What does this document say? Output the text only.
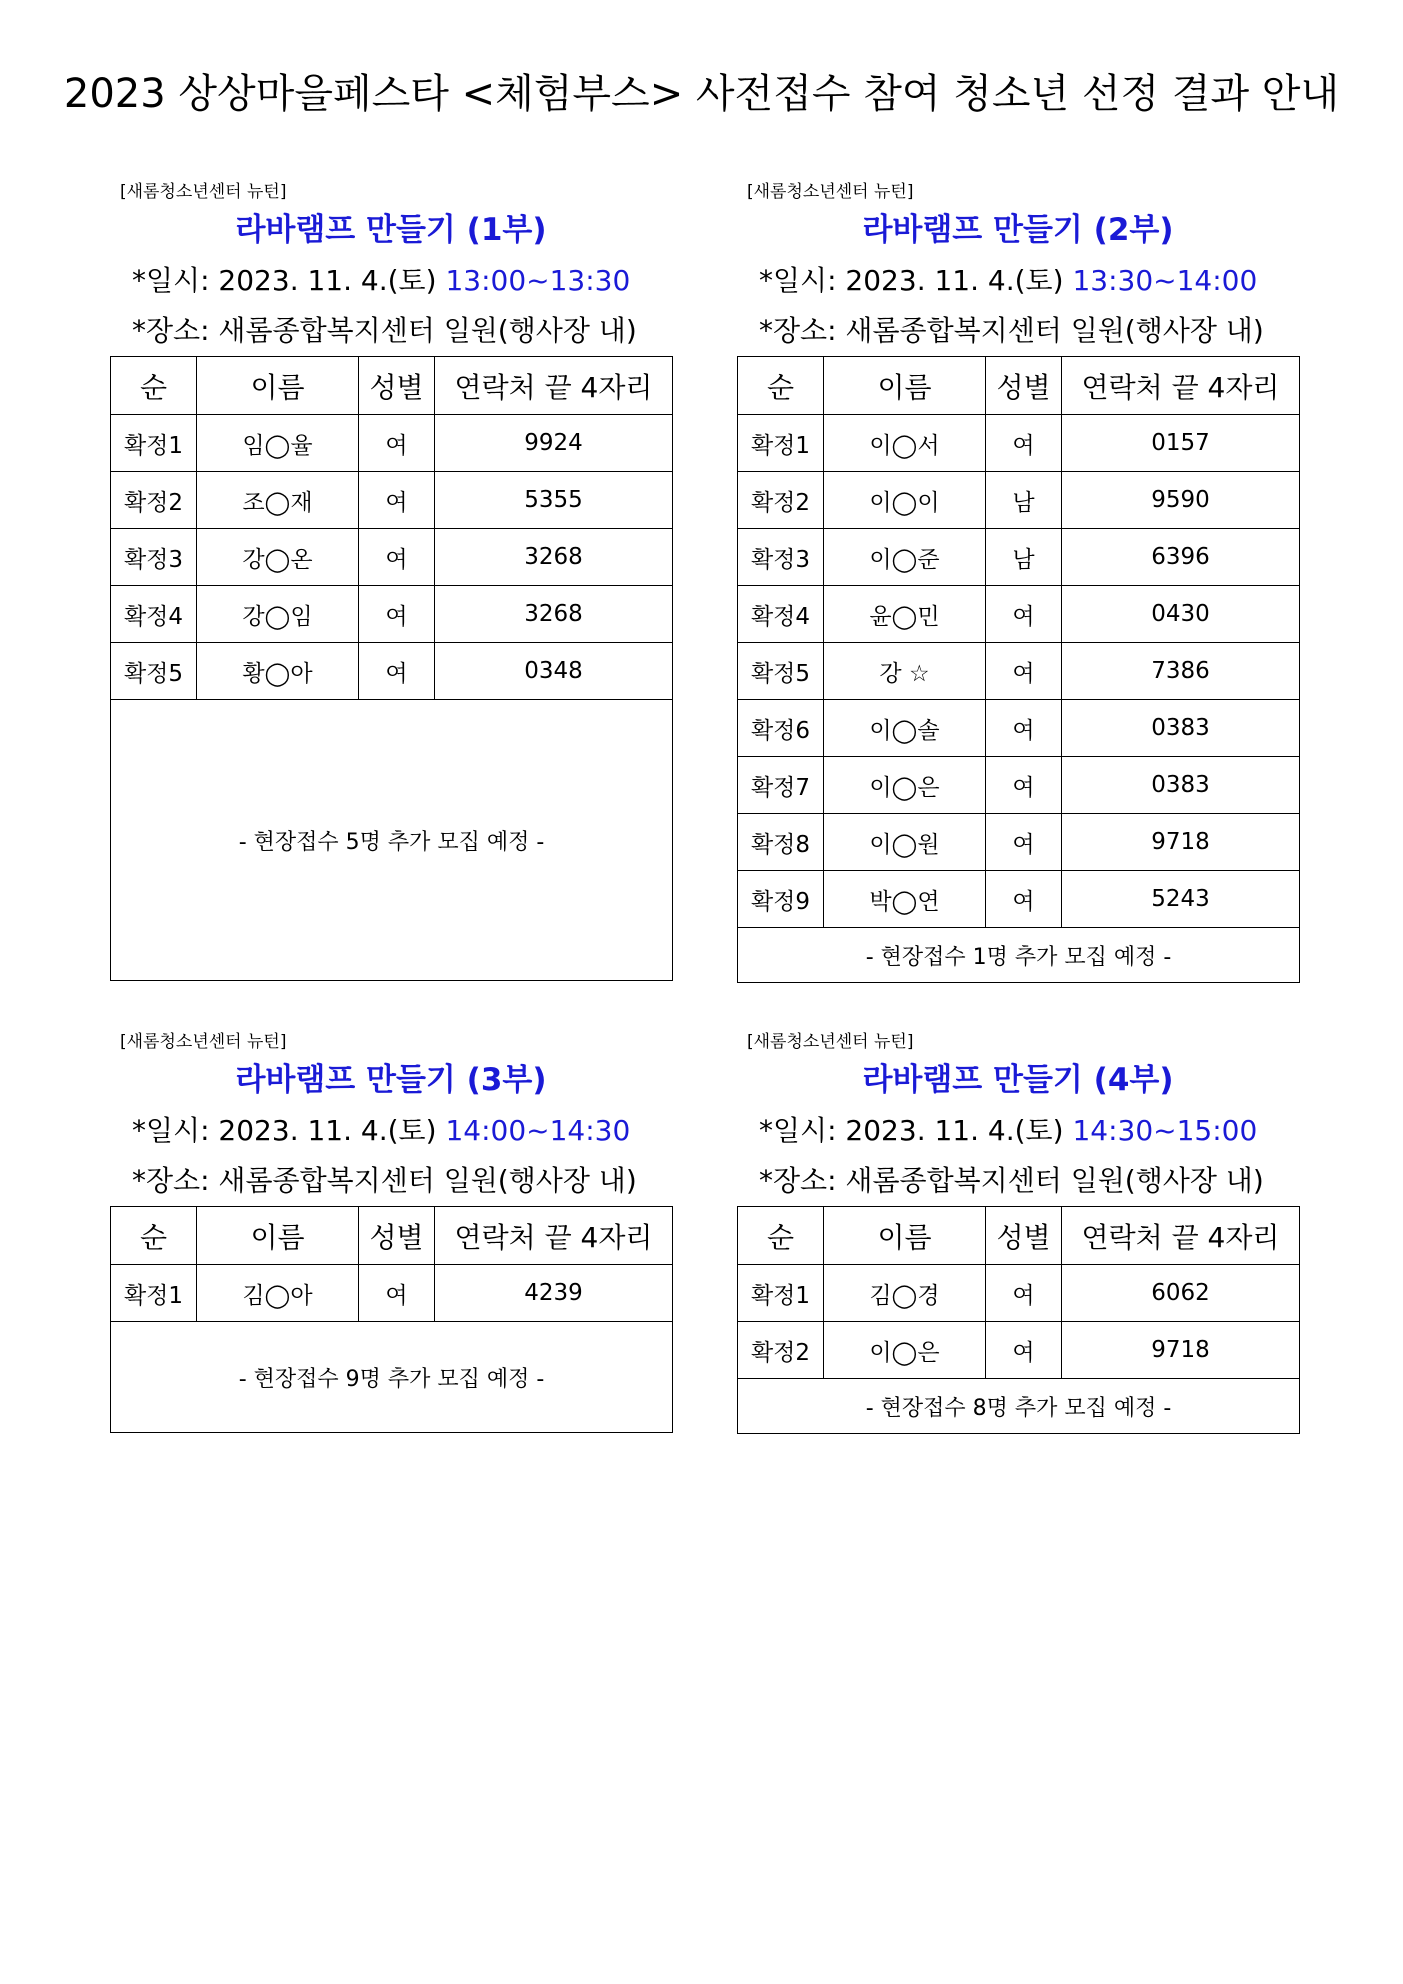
2023 상상마을페스타 <체험부스> 사전접수 참여 청소년 선정 결과 안내
[새롬청소년센터 뉴턴]
라바램프 만들기 (1부)
*일시: 2023. 11. 4.(토) 13:00~13:30
*장소: 새롬종합복지센터 일원(행사장 내)
순	이름	성별	연락처 끝 4자리
확정1	임◯율	여	9924
확정2	조◯재	여	5355
확정3	강◯온	여	3268
확정4	강◯임	여	3268
확정5	황◯아	여	0348
- 현장접수 5명 추가 모집 예정 -			
[새롬청소년센터 뉴턴]
라바램프 만들기 (2부)
*일시: 2023. 11. 4.(토) 13:30~14:00
*장소: 새롬종합복지센터 일원(행사장 내)
순	이름	성별	연락처 끝 4자리
확정1	이◯서	여	0157
확정2	이◯이	남	9590
확정3	이◯준	남	6396
확정4	윤◯민	여	0430
확정5	강 ☆	여	7386
확정6	이◯솔	여	0383
확정7	이◯은	여	0383
확정8	이◯원	여	9718
확정9	박◯연	여	5243
- 현장접수 1명 추가 모집 예정 -			
[새롬청소년센터 뉴턴]
라바램프 만들기 (3부)
*일시: 2023. 11. 4.(토) 14:00~14:30
*장소: 새롬종합복지센터 일원(행사장 내)
순	이름	성별	연락처 끝 4자리
확정1	김◯아	여	4239
- 현장접수 9명 추가 모집 예정 -			
[새롬청소년센터 뉴턴]
라바램프 만들기 (4부)
*일시: 2023. 11. 4.(토) 14:30~15:00
*장소: 새롬종합복지센터 일원(행사장 내)
순	이름	성별	연락처 끝 4자리
확정1	김◯경	여	6062
확정2	이◯은	여	9718
- 현장접수 8명 추가 모집 예정 -			
